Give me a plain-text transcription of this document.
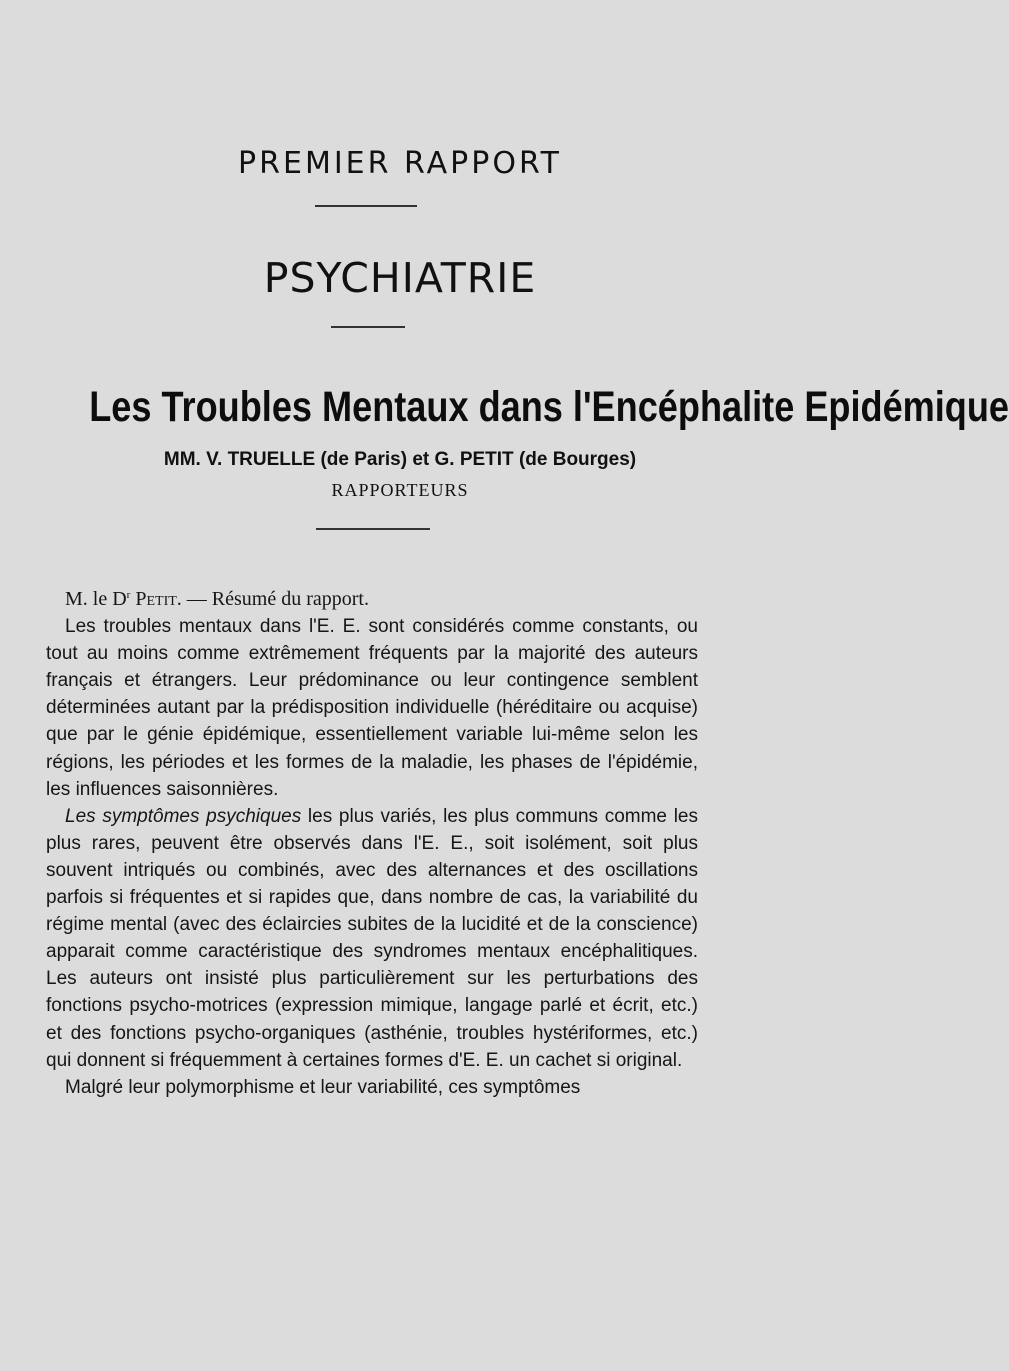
PREMIER RAPPORT
PSYCHIATRIE
Les Troubles Mentaux dans l'Encéphalite Epidémique
MM. V. TRUELLE (de Paris) et G. PETIT (de Bourges)
RAPPORTEURS

M. le $D^r$ Petit. — Résumé du rapport.

Les troubles mentaux dans l'E. E. sont considérés comme constants, ou tout au moins comme extrêmement fréquents par la majorité des auteurs français et étrangers. Leur prédominance ou leur contingence semblent déterminées autant par la prédisposition individuelle (héréditaire ou acquise) que par le génie épidémique, essentiellement variable lui-même selon les régions, les périodes et les formes de la maladie, les phases de l'épidémie, les influences saisonnières.

Les symptômes psychiques les plus variés, les plus communs comme les plus rares, peuvent être observés dans l'E. E., soit isolément, soit plus souvent intriqués ou combinés, avec des alternances et des oscillations parfois si fréquentes et si rapides que, dans nombre de cas, la variabilité du régime mental (avec des éclaircies subites de la lucidité et de la conscience) apparait comme caractéristique des syndromes mentaux encéphalitiques. Les auteurs ont insisté plus particulièrement sur les perturbations des fonctions psycho-motrices (expression mimique, langage parlé et écrit, etc.) et des fonctions psycho-organiques (asthénie, troubles hystériformes, etc.) qui donnent si fréquemment à certaines formes d'E. E. un cachet si original.

Malgré leur polymorphisme et leur variabilité, ces symptômes
